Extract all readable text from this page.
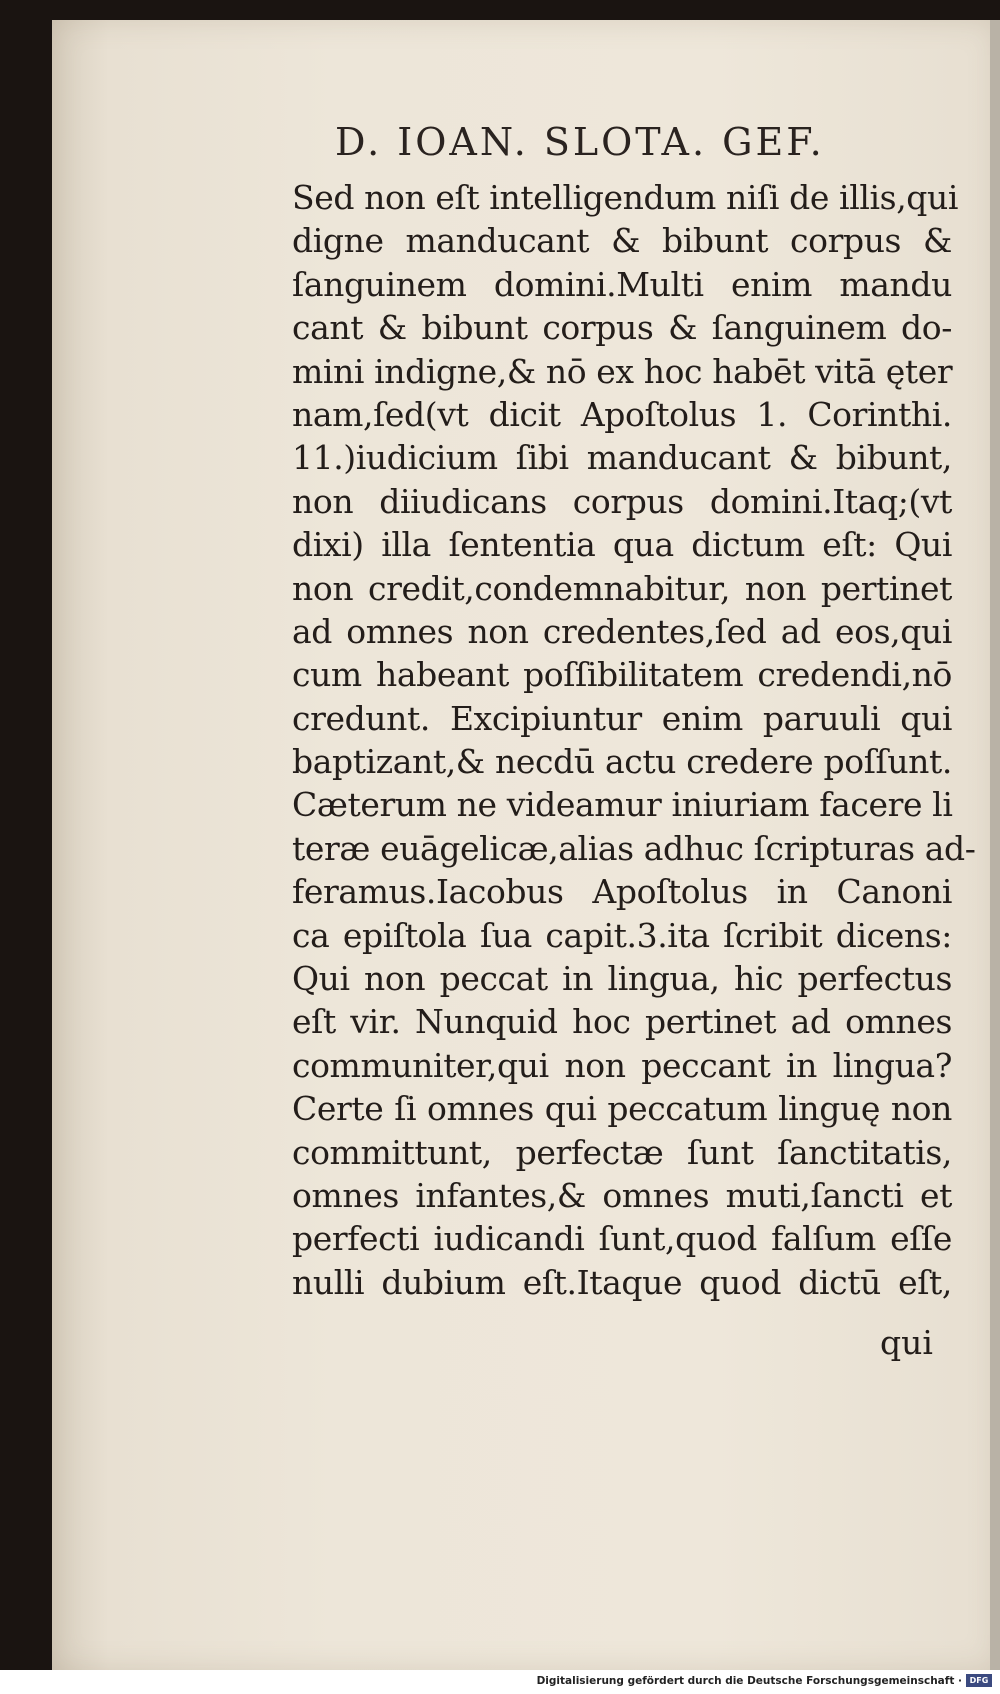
D. IOAN. SLOTA. GEF.
Sed non eſt intelligendum niſi de illis,qui
digne manducant & bibunt corpus &
ſanguinem domini.Multi enim mandu
cant & bibunt corpus & ſanguinem do-
mini indigne,& nō ex hoc habēt vitā ęter
nam,ſed(vt dicit Apoſtolus 1. Corinthi.
11.)iudicium ſibi manducant & bibunt,
non diiudicans corpus domini.Itaq;(vt
dixi) illa ſententia qua dictum eſt: Qui
non credit,condemnabitur, non pertinet
ad omnes non credentes,ſed ad eos,qui
cum habeant poſſibilitatem credendi,nō
credunt. Excipiuntur enim paruuli qui
baptizant,& necdū actu credere poſſunt.
Cæterum ne videamur iniuriam facere li
teræ euāgelicæ,alias adhuc ſcripturas ad-
feramus.Iacobus Apoſtolus in Canoni
ca epiſtola ſua capit.3.ita ſcribit dicens:
Qui non peccat in lingua, hic perfectus
eſt vir. Nunquid hoc pertinet ad omnes
communiter,qui non peccant in lingua?
Certe ſi omnes qui peccatum linguę non
committunt, perfectæ ſunt ſanctitatis,
omnes infantes,& omnes muti,ſancti et
perfecti iudicandi ſunt,quod falſum eſſe
nulli dubium eſt.Itaque quod dictū eſt,
qui
Digitalisierung gefördert durch die Deutsche Forschungsgemeinschaft · DFG
